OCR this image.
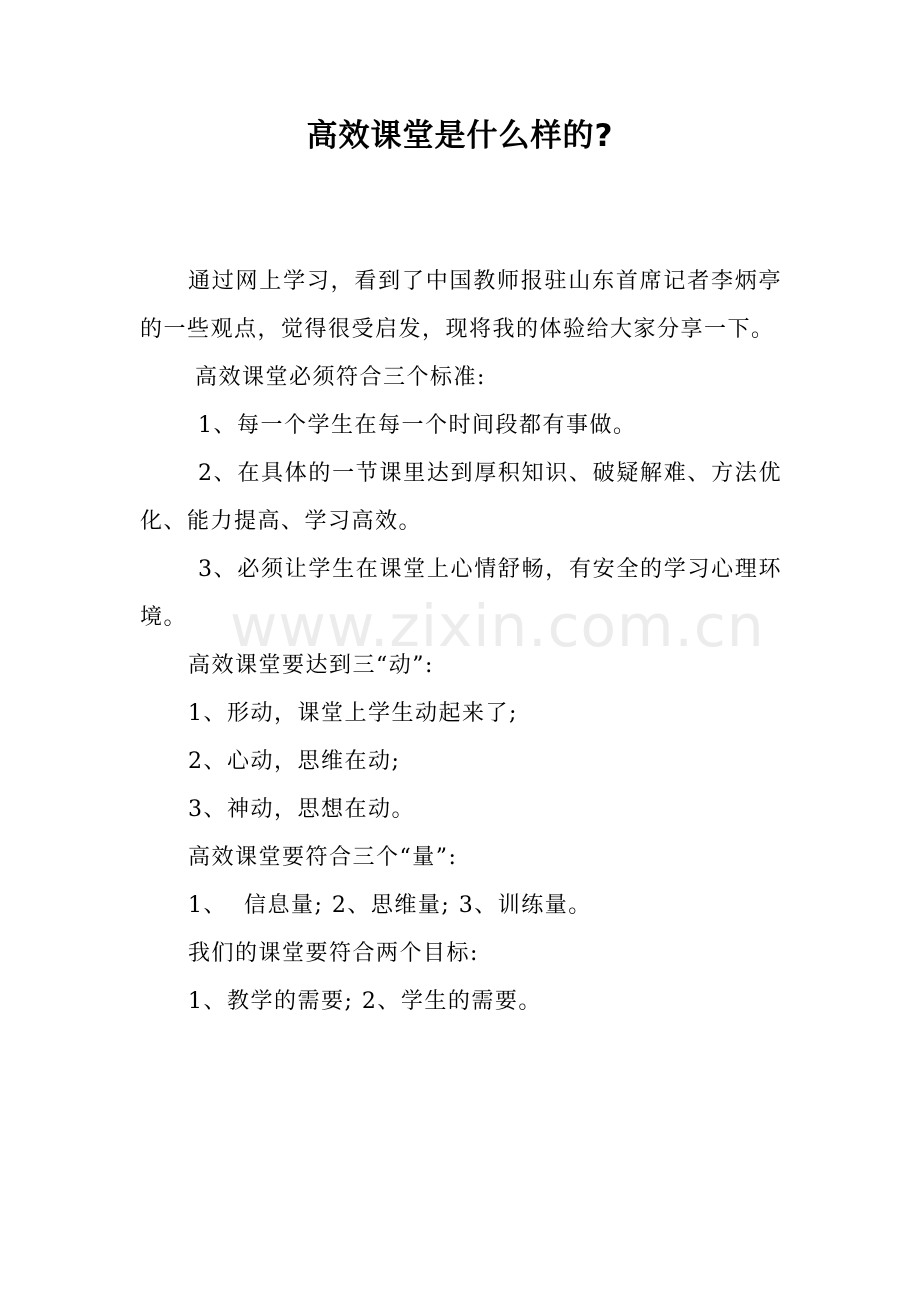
高效课堂是什么样的?

通过网上学习，看到了中国教师报驻山东首席记者李炳亭的一些观点，觉得很受启发，现将我的体验给大家分享一下。

高效课堂必须符合三个标准:

1、每一个学生在每一个时间段都有事做。

2、在具体的一节课里达到厚积知识、破疑解难、方法优化、能力提高、学习高效。

3、必须让学生在课堂上心情舒畅，有安全的学习心理环境。

高效课堂要达到三“动”:

1、形动，课堂上学生动起来了;

2、心动，思维在动;

3、神动，思想在动。

高效课堂要符合三个“量”:

1、  信息量; 2、思维量; 3、训练量。

我们的课堂要符合两个目标:

1、教学的需要; 2、学生的需要。

www.zixin.com.cn
